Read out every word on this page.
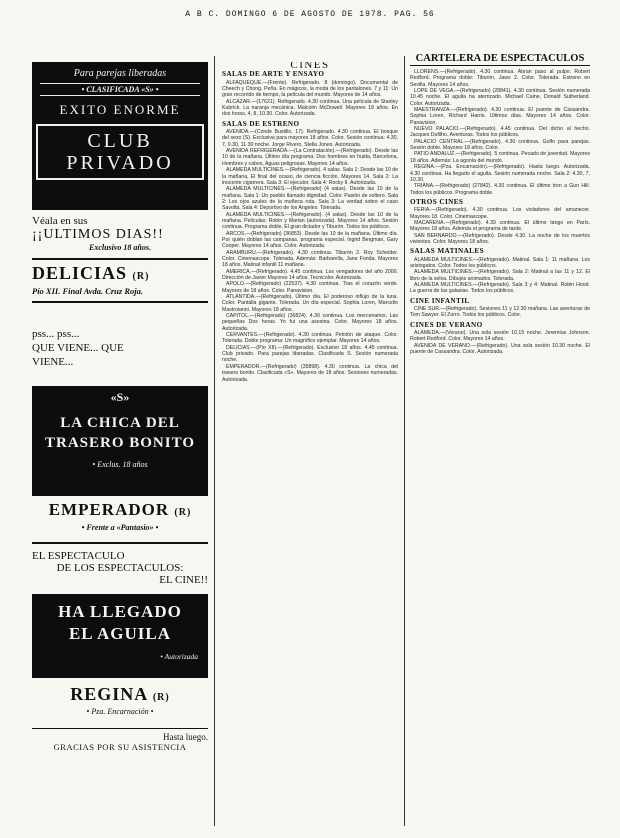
A B C. DOMINGO 6 DE AGOSTO DE 1978. PAG. 56
Para parejas liberadas
• CLASIFICADA «S» •
EXITO ENORME
CLUB
PRIVADO
Véala en sus
¡¡ULTIMOS DIAS!!
Exclusivo 18 años.
DELICIAS (R)
Pío XII. Final Avda. Cruz Roja.
pss... pss...
QUE VIENE... QUE
VIENE...
«S»
LA CHICA DEL
TRASERO BONITO
• Exclus. 18 años
EMPERADOR (R)
• Frente a «Pantasio» •
EL ESPECTACULO
DE LOS ESPECTACULOS:
EL CINE!!
HA LLEGADO
EL AGUILA
• Autorizada
REGINA (R)
• Pza. Encarnación •
Hasta luego.
GRACIAS POR SU ASISTENCIA
CINES
SALAS DE ARTE Y ENSAYO

ALFAQUEQUE.—(Frente). Refrigerado. 8 (domingo). Documental de Cheech y Chong. Peña. En mágicos, la moda de los pantalones. 7 y 11: Un gran recorrido de tiempo, la película del mundo. Mayores de 14 años.

ALCAZAR.—(17621). Refrigerado. 4.30 continua. Una película de Stanley Kubrick. La naranja mecánica. Malcolm McDowell. Mayores 18 años. En dos horas, 4, 8, 10.30. Color. Autorizada.

SALAS DE ESTRENO

AVENIDA.—(Conde Bustillo, 17). Refrigerado. 4.30 continua. El bosque del sexo (S). Exclusiva para mayores 18 años. Color. Sesión continua: 4.30, 7, 9.30, 11.30 noche. Jorge Rivero, Stella Jones. Autorizada.

AVENIDA REFRIGERADA.—(La Contratación).—(Refrigerado). Desde las 10 de la mañana. Último día programa: Dos hombres en huida, Barcelona, Hombres y cabos, Aguas peligrosas. Mayores 14 años.

ALAMEDA MULTICINES.—(Refrigerado). 4 salas. Sala 1: Desde las 10 de la mañana, El final del ocaso, de ciencia ficción. Mayores 14. Sala 2: La inocente cigarrera. Sala 3: El ejecutor. Sala 4: Rocky II. Autorizada.

ALAMEDA MULTICINES.—(Refrigerado) (4 salas). Desde las 10 de la mañana. Sala 1: Un pueblo llamado dignidad. Color. Pasión de soltero. Sala 2: Los ojos azules de la muñeca rota. Sala 3: La verdad sobre el caso Savolta. Sala 4: Deportivo de los Angeles. Tolerada.

ALAMEDA MULTICINES.—(Refrigerado). (4 salas). Desde las 10 de la mañana. Películas: Robin y Marian (autorizada). Mayores 14 años. Sesión continua. Programa doble, El gran dictador y Tiburón. Todos los públicos.

ARCOS.—(Refrigerado) (36853). Desde las 10 de la mañana. Último día. Por quién doblan las campanas, programa especial. Ingrid Bergman, Gary Cooper. Mayores 14 años. Color. Autorizada.

ARAMBURU.—(Refrigerado). 4.30 continua. Tiburón 2. Roy Scheider. Color. Cinemascope. Tolerada. Además: Barbarella, Jane Fonda. Mayores 18 años. Matinal infantil 11 mañana.

AMERICA.—(Refrigerado). 4.45 continua. Los vengadores del año 2000. Dirección de Javier Mayores 14 años. Tecnicolor. Autorizada.

APOLO.—(Refrigerado) (22537). 4.30 continua. Tras el corazón verde. Mayores de 18 años. Color. Panavision.

ATLANTIDA.—(Refrigerado). Último día. El poderoso influjo de la luna. Color. Pantalla gigante. Tolerada. Un día especial. Sophia Loren, Marcello Mastroianni. Mayores 18 años.

CAPITOL.—(Refrigerado) (36824). 4.30 continua. Los mercenarios, Las pequeñas Dos horas. Yo fui una asesina. Color. Mayores 18 años. Autorizada.

CERVANTES.—(Refrigerado). 4.30 continua. Pelotón de ataque. Color. Tolerada. Doble programa: Un magnífico ejemplar. Mayores 14 años.

DELICIAS.—(Pío XII).—(Refrigerado). Exclusivo 18 años. 4.45 continua. Club privado. Para parejas liberadas. Clasificada S. Sesión numerada noche.

EMPERADOR.—(Refrigerado) (35898). 4.30 continua. La chica del trasero bonito. Clasificada «S». Mayores de 18 años. Sesiones numeradas. Autorizada.

CARTELERA DE ESPECTACULOS

LLORENS.—(Refrigerado). 4.30 continua. Abran paso al pulpo. Robert Redford. Programa doble: Tiburón, Jaws 2. Color. Tolerada. Estreno en Sevilla. Mayores 14 años.

LOPE DE VEGA.—(Refrigerado) (28841). 4.30 continua. Sesión numerada 10.45 noche. El aguila ha aterrizado. Michael Caine, Donald Sutherland. Color. Autorizada.

MAESTRANZA.—(Refrigerado). 4.30 continua. El puente de Cassandra. Sophia Loren, Richard Harris. Ultimos días. Mayores 14 años. Color. Panavision.

NUEVO PALACIO.—(Refrigerado). 4.45 continua. Del dicho al hecho. Jacques Dufilho. Aventuras. Todos los públicos.

PALACIO CENTRAL.—(Refrigerado). 4.30 continua. Golfo para parejas. Sesión doble. Mayores 18 años. Color.

PATIO ANDALUZ.—(Refrigerado). 5 continua. Pecado de juventud. Mayores 18 años. Además: La agonía del mundo.

REGINA.—(Pza. Encarnación).—(Refrigerado). Hasta luego. Autorizada. 4.30 continua. Ha llegado el aguila. Sesión numerada noche. Sala 2: 4.30, 7, 10.30.

TRIANA.—(Refrigerado) (27842). 4.30 continua. El último tren a Gun Hill. Todos los públicos. Programa doble.

OTROS CINES

FERIA.—(Refrigerado). 4.30 continua. Los violadores del amanecer. Mayores 18. Color. Cinemascope.

MACARENA.—(Refrigerado). 4.30 continua. El último tango en París. Mayores 18 años. Además el programa de tarde.

SAN BERNARDO.—(Refrigerado). Desde 4.30. La noche de los muertos vivientes. Color. Mayores 18 años.

SALAS MATINALES

ALAMEDA MULTICINES.—(Refrigerado). Matinal. Sala 1: 11 mañana. Los aristogatos. Color. Todos los públicos.

ALAMEDA MULTICINES.—(Refrigerado). Sala 2: Matinal a las 11 y 12. El libro de la selva. Dibujos animados. Tolerada.

ALAMEDA MULTICINES.—(Refrigerado). Sala 3 y 4: Matinal. Robin Hood. La guerra de las galaxias. Todos los públicos.

CINE INFANTIL

CINE SUR.—(Refrigerado). Sesiones 11 y 12.30 mañana. Las aventuras de Tom Sawyer. El Zorro. Todos los públicos. Color.

CINES DE VERANO

ALAMEDA.—(Verano). Una sola sesión 10.15 noche. Jeremías Johnson. Robert Redford. Color. Mayores 14 años.

AVENIDA DE VERANO.—(Refrigerado). Una sola sesión 10.30 noche. El puente de Cassandra. Color. Autorizada.
